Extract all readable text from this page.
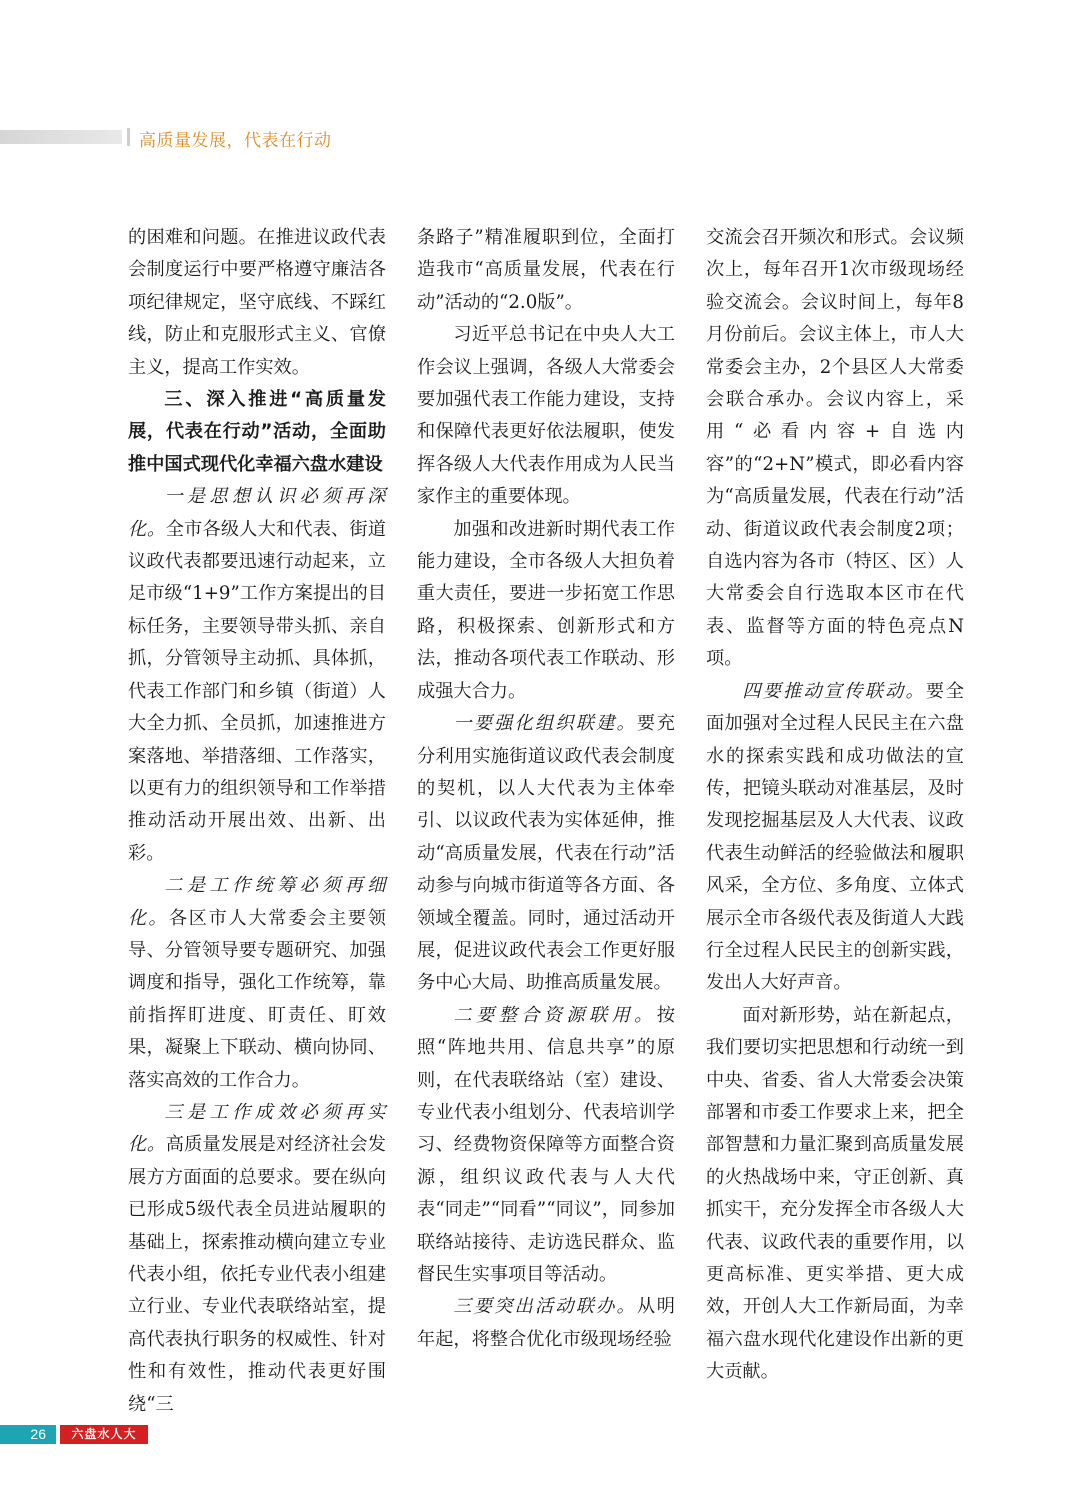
高质量发展，代表在行动

的困难和问题。在推进议政代表会制度运行中要严格遵守廉洁各项纪律规定，坚守底线、不踩红线，防止和克服形式主义、官僚主义，提高工作实效。

三、深入推进“高质量发展，代表在行动”活动，全面助推中国式现代化幸福六盘水建设

一是思想认识必须再深化。全市各级人大和代表、街道议政代表都要迅速行动起来，立足市级“1+9”工作方案提出的目标任务，主要领导带头抓、亲自抓，分管领导主动抓、具体抓，代表工作部门和乡镇（街道）人大全力抓、全员抓，加速推进方案落地、举措落细、工作落实，以更有力的组织领导和工作举措推动活动开展出效、出新、出彩。

二是工作统筹必须再细化。各区市人大常委会主要领导、分管领导要专题研究、加强调度和指导，强化工作统筹，靠前指挥盯进度、盯责任、盯效果，凝聚上下联动、横向协同、落实高效的工作合力。

三是工作成效必须再实化。高质量发展是对经济社会发展方方面面的总要求。要在纵向已形成5级代表全员进站履职的基础上，探索推动横向建立专业代表小组，依托专业代表小组建立行业、专业代表联络站室，提高代表执行职务的权威性、针对性和有效性，推动代表更好围绕“三

条路子”精准履职到位，全面打造我市“高质量发展，代表在行动”活动的“2.0版”。

习近平总书记在中央人大工作会议上强调，各级人大常委会要加强代表工作能力建设，支持和保障代表更好依法履职，使发挥各级人大代表作用成为人民当家作主的重要体现。

加强和改进新时期代表工作能力建设，全市各级人大担负着重大责任，要进一步拓宽工作思路，积极探索、创新形式和方法，推动各项代表工作联动、形成强大合力。

一要强化组织联建。要充分利用实施街道议政代表会制度的契机，以人大代表为主体牵引、以议政代表为实体延伸，推动“高质量发展，代表在行动”活动参与向城市街道等各方面、各领域全覆盖。同时，通过活动开展，促进议政代表会工作更好服务中心大局、助推高质量发展。

二要整合资源联用。按照“阵地共用、信息共享”的原则，在代表联络站（室）建设、专业代表小组划分、代表培训学习、经费物资保障等方面整合资源，组织议政代表与人大代表“同走”“同看”“同议”，同参加联络站接待、走访选民群众、监督民生实事项目等活动。

三要突出活动联办。从明年起，将整合优化市级现场经验

交流会召开频次和形式。会议频次上，每年召开1次市级现场经验交流会。会议时间上，每年8月份前后。会议主体上，市人大常委会主办，2个县区人大常委会联合承办。会议内容上，采用“必看内容+自选内容”的“2+N”模式，即必看内容为“高质量发展，代表在行动”活动、街道议政代表会制度2项；自选内容为各市（特区、区）人大常委会自行选取本区市在代表、监督等方面的特色亮点N项。

四要推动宣传联动。要全面加强对全过程人民民主在六盘水的探索实践和成功做法的宣传，把镜头联动对准基层，及时发现挖掘基层及人大代表、议政代表生动鲜活的经验做法和履职风采，全方位、多角度、立体式展示全市各级代表及街道人大践行全过程人民民主的创新实践，发出人大好声音。

面对新形势，站在新起点，我们要切实把思想和行动统一到中央、省委、省人大常委会决策部署和市委工作要求上来，把全部智慧和力量汇聚到高质量发展的火热战场中来，守正创新、真抓实干，充分发挥全市各级人大代表、议政代表的重要作用，以更高标准、更实举措、更大成效，开创人大工作新局面，为幸福六盘水现代化建设作出新的更大贡献。

26	六盘水人大
